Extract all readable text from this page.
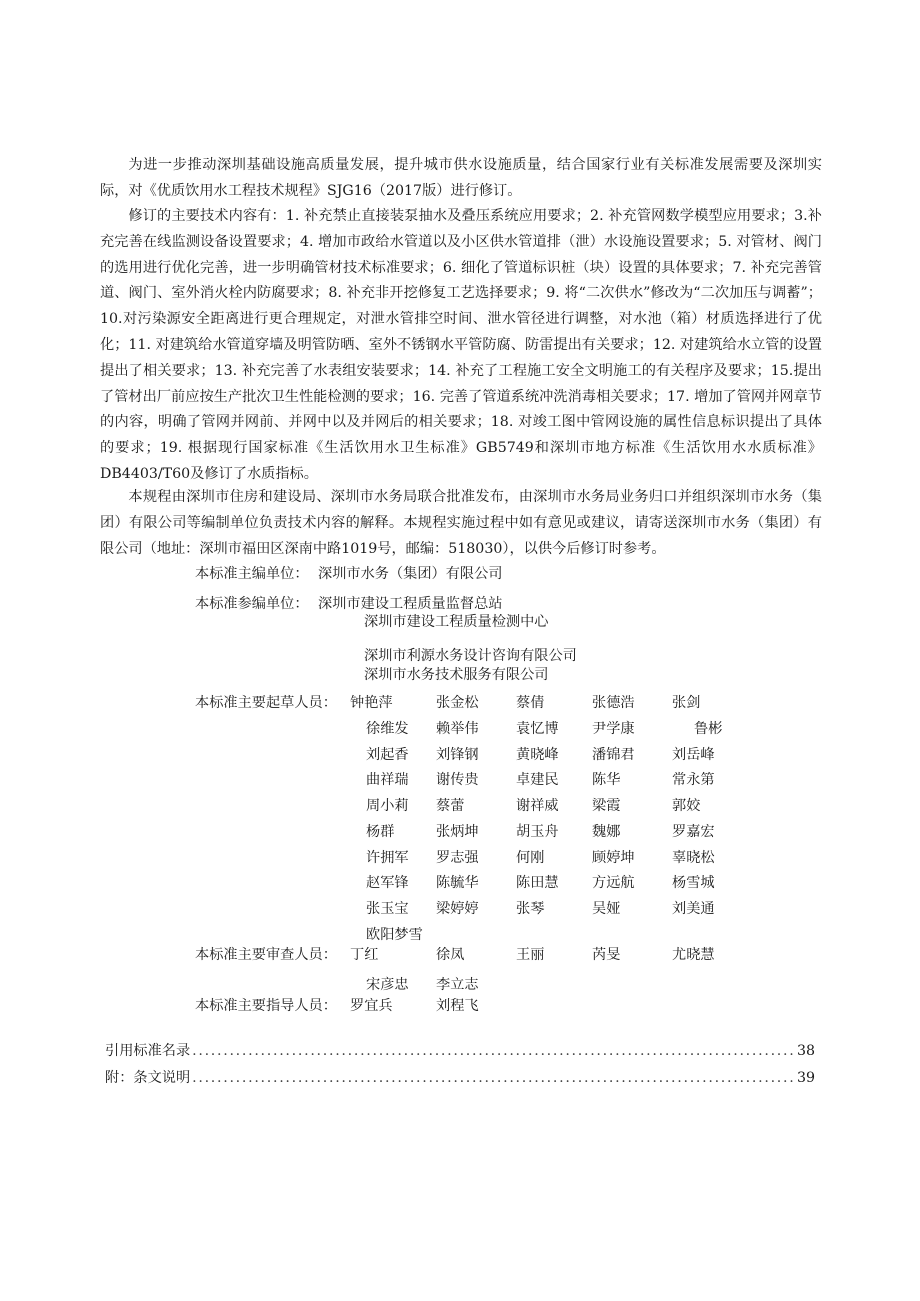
为进一步推动深圳基础设施高质量发展，提升城市供水设施质量，结合国家行业有关标准发展需要及深圳实际，对《优质饮用水工程技术规程》SJG16（2017版）进行修订。
修订的主要技术内容有：1. 补充禁止直接装泵抽水及叠压系统应用要求；2. 补充管网数学模型应用要求；3.补充完善在线监测设备设置要求；4. 增加市政给水管道以及小区供水管道排（泄）水设施设置要求；5. 对管材、阀门的选用进行优化完善，进一步明确管材技术标准要求；6. 细化了管道标识桩（块）设置的具体要求；7. 补充完善管道、阀门、室外消火栓内防腐要求；8. 补充非开挖修复工艺选择要求；9. 将“二次供水”修改为“二次加压与调蓄”；10.对污染源安全距离进行更合理规定，对泄水管排空时间、泄水管径进行调整，对水池（箱）材质选择进行了优化；11. 对建筑给水管道穿墙及明管防晒、室外不锈钢水平管防腐、防雷提出有关要求；12. 对建筑给水立管的设置提出了相关要求；13. 补充完善了水表组安装要求；14. 补充了工程施工安全文明施工的有关程序及要求；15.提出了管材出厂前应按生产批次卫生性能检测的要求；16. 完善了管道系统冲洗消毒相关要求；17. 增加了管网并网章节的内容，明确了管网并网前、并网中以及并网后的相关要求；18. 对竣工图中管网设施的属性信息标识提出了具体的要求；19. 根据现行国家标准《生活饮用水卫生标准》GB5749和深圳市地方标准《生活饮用水水质标准》DB4403/T60及修订了水质指标。
本规程由深圳市住房和建设局、深圳市水务局联合批准发布，由深圳市水务局业务归口并组织深圳市水务（集团）有限公司等编制单位负责技术内容的解释。本规程实施过程中如有意见或建议，请寄送深圳市水务（集团）有限公司（地址：深圳市福田区深南中路1019号，邮编：518030），以供今后修订时参考。
本标准主编单位： 深圳市水务（集团）有限公司
本标准参编单位： 深圳市建设工程质量监督总站
深圳市建设工程质量检测中心
深圳市利源水务设计咨询有限公司
深圳市水务技术服务有限公司
本标准主要起草人员： 钟艳萍	张金松	蔡倩	张德浩	张剑
徐维发 赖举伟	袁忆博 尹学康	鲁彬
刘起香 刘锋钢	黄晓峰 潘锦君	刘岳峰
曲祥瑞 谢传贵	卓建民 陈华	常永第
周小莉 蔡蕾	谢祥威 梁霞	郭姣
杨群	张炳坤	胡玉舟 魏娜	罗嘉宏
许拥军 罗志强	何刚	顾婷坤	辜晓松
赵军锋 陈毓华	陈田慧 方远航	杨雪城
张玉宝 梁婷婷	张琴	吴娅	刘美通
欧阳梦雪
本标准主要审查人员： 丁红	徐凤	王丽	芮旻	尤晓慧
宋彦忠 李立志
本标准主要指导人员： 罗宜兵	刘程飞
引用标准名录 . . .	38
附：条文说明 . . .	39
